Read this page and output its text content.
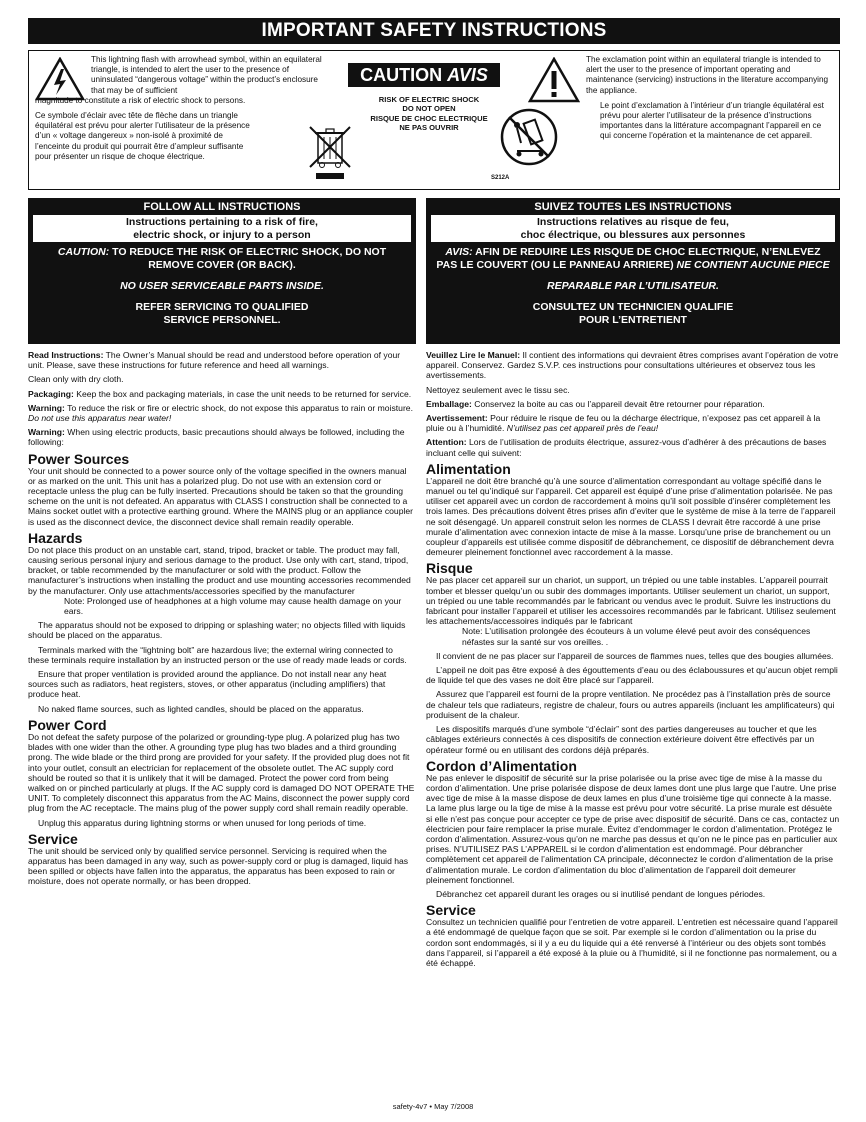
IMPORTANT SAFETY INSTRUCTIONS

This lightning flash with arrowhead symbol, within an equilateral triangle, is intended to alert the user to the presence of uninsulated “dangerous voltage” within the product’s enclosure that may be of sufficient

magnitude to constitute a risk of electric shock to persons.

Ce symbole d’éclair avec tête de flèche dans un triangle équilatéral est prévu pour alerter l’utilisateur de la présence d’un « voltage dangereux » non-isolé à proximité de l’enceinte du produit qui pourrait être d’ampleur suffisante pour présenter un risque de choque électrique.

CAUTION AVIS
RISK OF ELECTRIC SHOCK
DO NOT OPEN
RISQUE DE CHOC ELECTRIQUE
NE PAS OUVRIR

The exclamation point within an equilateral triangle is intended to alert the user to the presence of important operating and maintenance (servicing) instructions in the literature accompanying the appliance.

Le point d’exclamation à l’intérieur d’un triangle équilatéral est prévu pour alerter l’utilisateur de la présence d’instructions importantes dans la littérature accompagnant l’appareil en ce qui concerne l’opération et la maintenance de cet appareil.

S212A
FOLLOW ALL INSTRUCTIONS
Instructions pertaining to a risk of fire,
electric shock, or injury to a person
CAUTION: TO REDUCE THE RISK OF ELECTRIC SHOCK, DO NOT REMOVE COVER (OR BACK).
NO USER SERVICEABLE PARTS INSIDE.
REFER SERVICING TO QUALIFIED
SERVICE PERSONNEL.
SUIVEZ TOUTES LES INSTRUCTIONS
Instructions relatives au risque de feu,
choc électrique, ou blessures aux personnes
AVIS: AFIN DE REDUIRE LES RISQUE DE CHOC ELECTRIQUE, N’ENLEVEZ PAS LE COUVERT (OU LE PANNEAU ARRIERE) NE CONTIENT AUCUNE PIECE
REPARABLE PAR L’UTILISATEUR.
CONSULTEZ UN TECHNICIEN QUALIFIE
POUR L’ENTRETIENT

Read Instructions: The Owner’s Manual should be read and understood before operation of your unit. Please, save these instructions for future reference and heed all warnings.

Clean only with dry cloth.

Packaging: Keep the box and packaging materials, in case the unit needs to be returned for service.

Warning: To reduce the risk or fire or electric shock, do not expose this apparatus to rain or moisture. Do not use this apparatus near water!

Warning: When using electric products, basic precautions should always be followed, including the following:

Power Sources

Your unit should be connected to a power source only of the voltage specified in the owners manual or as marked on the unit. This unit has a polarized plug. Do not use with an extension cord or receptacle unless the plug can be fully inserted. Precautions should be taken so that the grounding scheme on the unit is not defeated. An apparatus with CLASS I construction shall be connected to a Mains socket outlet with a protective earthing ground. Where the MAINS plug or an appliance coupler is used as the disconnect device, the disconnect device shall remain readily operable.

Hazards

Do not place this product on an unstable cart, stand, tripod, bracket or table. The product may fall, causing serious personal injury and serious damage to the product. Use only with cart, stand, tripod, bracket, or table recommended by the manufacturer or sold with the product. Follow the manufacturer’s instructions when installing the product and use mounting accessories recommended by the manufacturer. Only use attachments/accessories specified by the manufacturer

Note: Prolonged use of headphones at a high volume may cause health damage on your ears.

The apparatus should not be exposed to dripping or splashing water; no objects filled with liquids should be placed on the apparatus.

Terminals marked with the “lightning bolt” are hazardous live; the external wiring connected to these terminals require installation by an instructed person or the use of ready made leads or cords.

Ensure that proper ventilation is provided around the appliance. Do not install near any heat sources such as radiators, heat registers, stoves, or other apparatus (including amplifiers) that produce heat.

No naked flame sources, such as lighted candles, should be placed on the apparatus.

Power Cord

Do not defeat the safety purpose of the polarized or grounding-type plug. A polarized plug has two blades with one wider than the other. A grounding type plug has two blades and a third grounding prong. The wide blade or the third prong are provided for your safety. If the provided plug does not fit into your outlet, consult an electrician for replacement of the obsolete outlet. The AC supply cord should be routed so that it is unlikely that it will be damaged. Protect the power cord from being walked on or pinched particularly at plugs. If the AC supply cord is damaged DO NOT OPERATE THE UNIT. To completely disconnect this apparatus from the AC Mains, disconnect the power supply cord plug from the AC receptacle. The mains plug of the power supply cord shall remain readily operable.

Unplug this apparatus during lightning storms or when unused for long periods of time.

Service

The unit should be serviced only by qualified service personnel. Servicing is required when the apparatus has been damaged in any way, such as power-supply cord or plug is damaged, liquid has been spilled or objects have fallen into the apparatus, the apparatus has been exposed to rain or moisture, does not operate normally, or has been dropped.

Veuillez Lire le Manuel: Il contient des informations qui devraient êtres comprises avant l’opération de votre appareil. Conservez. Gardez S.V.P. ces instructions pour consultations ultérieures et observez tous les avertissements.

Nettoyez seulement avec le tissu sec.

Emballage: Conservez la boite au cas ou l’appareil devait être retourner pour réparation.

Avertissement: Pour réduire le risque de feu ou la décharge électrique, n’exposez pas cet appareil à la pluie ou à l’humidité. N’utilisez pas cet appareil près de l’eau!

Attention: Lors de l’utilisation de produits électrique, assurez-vous d’adhérer à des précautions de bases incluant celle qui suivent:

Alimentation

L’appareil ne doit être branché qu’à une source d’alimentation correspondant au voltage spécifié dans le manuel ou tel qu’indiqué sur l’appareil. Cet appareil est équipé d’une prise d’alimentation polarisée. Ne pas utiliser cet appareil avec un cordon de raccordement à moins qu’il soit possible d’insérer complètement les trois lames. Des précautions doivent êtres prises afin d’eviter que le système de mise à la terre de l’appareil ne soit désengagé. Un appareil construit selon les normes de CLASS I devrait être raccordé à une prise murale d’alimentation avec connexion intacte de mise à la masse. Lorsqu’une prise de branchement ou un coupleur d’appareils est utilisée comme dispositif de débranchement, ce dispositif de débranchement devra demeurer pleinement fonctionnel avec raccordement à la masse.

Risque

Ne pas placer cet appareil sur un chariot, un support, un trépied ou une table instables. L’appareil pourrait tomber et blesser quelqu’un ou subir des dommages importants. Utiliser seulement un chariot, un support, un trépied ou une table recommandés par le fabricant ou vendus avec le produit. Suivre les instructions du fabricant pour installer l’appareil et utiliser les accessoires recommandés par le fabricant. Utilisez seulement les attachements/accessoires indiqués par le fabricant

Note: L’utilisation prolongée des écouteurs à un volume élevé peut avoir des conséquences néfastes sur la santé sur vos oreilles. .

Il convient de ne pas placer sur l’appareil de sources de flammes nues, telles que des bougies allumées.

L’appeil ne doit pas être exposé à des égouttements d’eau ou des éclaboussures et qu’aucun objet rempli de liquide tel que des vases ne doit être placé sur l’appareil.

Assurez que l’appareil est fourni de la propre ventilation. Ne procédez pas à l’installation près de source de chaleur tels que radiateurs, registre de chaleur, fours ou autres appareils (incluant les amplificateurs) qui produisent de la chaleur.

Les dispositifs marqués d’une symbole “d’éclair” sont des parties dangereuses au toucher et que les câblages extérieurs connectés à ces dispositifs de connection extérieure doivent être effectivés par un opérateur formé ou en utilisant des cordons déjà préparés.

Cordon d’Alimentation

Ne pas enlever le dispositif de sécurité sur la prise polarisée ou la prise avec tige de mise à la masse du cordon d’alimentation. Une prise polarisée dispose de deux lames dont une plus large que l’autre. Une prise avec tige de mise à la masse dispose de deux lames en plus d’une troisième tige qui connecte à la masse. La lame plus large ou la tige de mise à la masse est prévu pour votre sécurité. La prise murale est désuète si elle n’est pas conçue pour accepter ce type de prise avec dispositif de sécurité. Dans ce cas, contactez un électricien pour faire remplacer la prise murale. Évitez d’endommager le cordon d’alimentation. Protégez le cordon d’alimentation. Assurez-vous qu’on ne marche pas dessus et qu’on ne le pince pas en particulier aux prises. N’UTILISEZ PAS L’APPAREIL si le cordon d’alimentation est endommagé. Pour débrancher complètement cet appareil de l’alimentation CA principale, déconnectez le cordon d’alimentation de la prise d’alimentation murale. Le cordon d’alimentation du bloc d’alimentation de l’appareil doit demeurer pleinement fonctionnel.

Débranchez cet appareil durant les orages ou si inutilisé pendant de longues périodes.

Service

Consultez un technicien qualifié pour l’entretien de votre appareil. L’entretien est nécessaire quand l’appareil a été endommagé de quelque façon que se soit. Par exemple si le cordon d’alimentation ou la prise du cordon sont endommagés, si il y a eu du liquide qui a été renversé à l’intérieur ou des objets sont tombés dans l’appareil, si l’appareil a été exposé à la pluie ou à l’humidité, si il ne fonctionne pas normalement, ou a été échappé.

safety-4v7 • May 7/2008
